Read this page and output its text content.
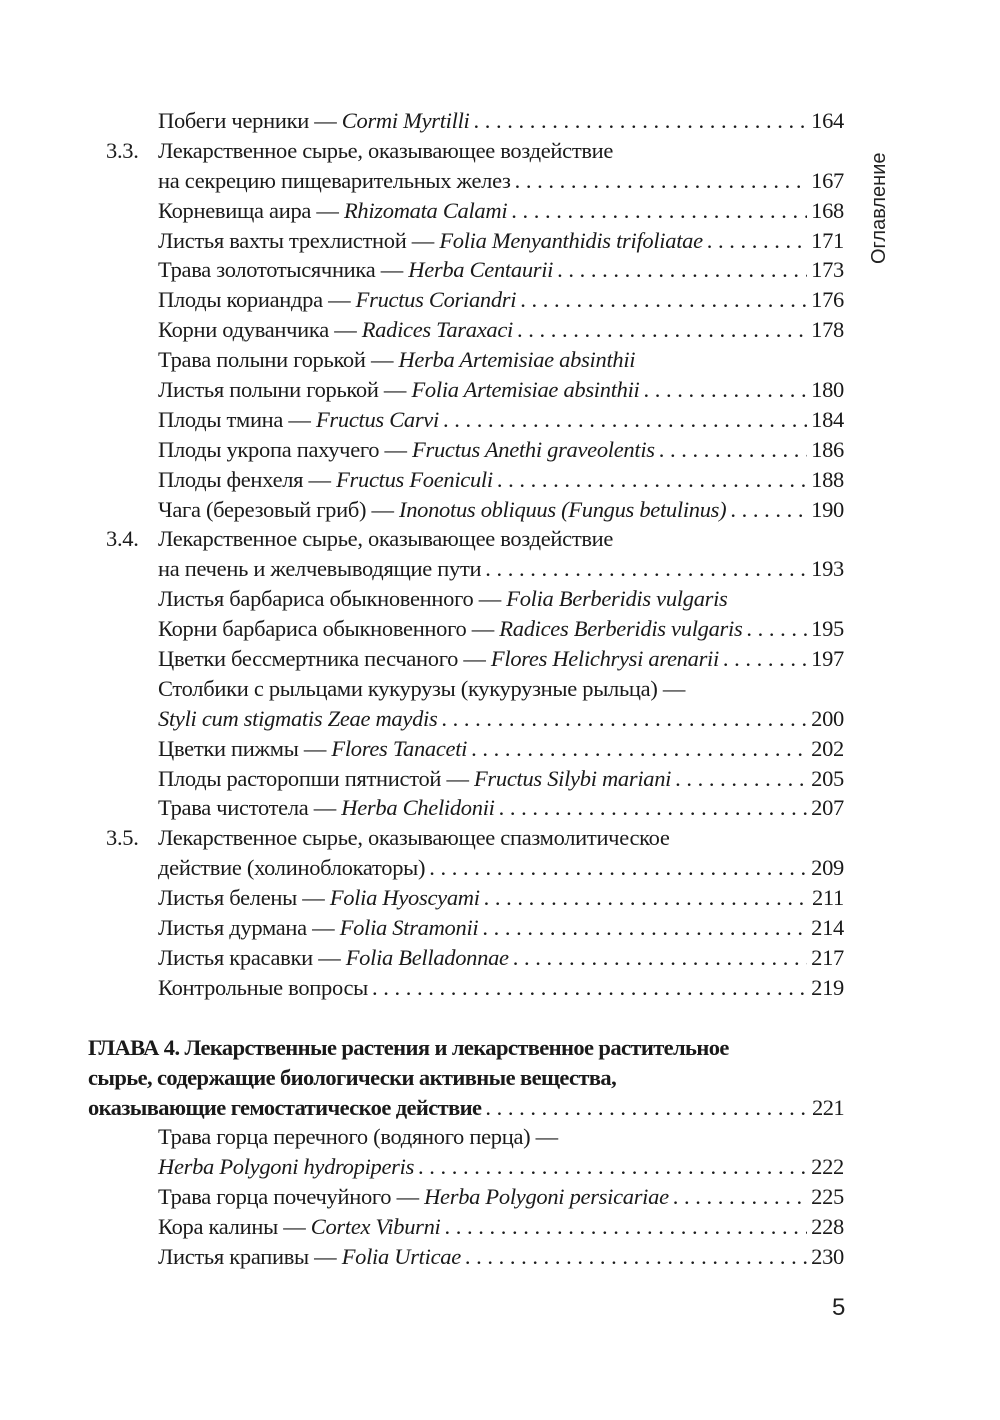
Оглавление
Побеги черники — Cormi Myrtilli . . .	164
3.3. Лекарственное сырье, оказывающее воздействие
на секрецию пищеварительных желез . . .	167
Корневища аира — Rhizomata Calami . . .	168
Листья вахты трехлистной — Folia Menyanthidis trifoliatae . . .	171
Трава золототысячника — Herba Centaurii . . .	173
Плоды кориандра — Fructus Coriandri . . .	176
Корни одуванчика — Radices Taraxaci . . .	178
Трава полыни горькой — Herba Artemisiae absinthii
Листья полыни горькой — Folia Artemisiae absinthii . . .	180
Плоды тмина — Fructus Carvi . . .	184
Плоды укропа пахучего — Fructus Anethi graveolentis . . .	186
Плоды фенхеля — Fructus Foeniculi . . .	188
Чага (березовый гриб) — Inonotus obliquus (Fungus betulinus) . . .	190
3.4. Лекарственное сырье, оказывающее воздействие
на печень и желчевыводящие пути . . .	193
Листья барбариса обыкновенного — Folia Berberidis vulgaris
Корни барбариса обыкновенного — Radices Berberidis vulgaris . . .	195
Цветки бессмертника песчаного — Flores Helichrysi arenarii . . .	197
Столбики с рыльцами кукурузы (кукурузные рыльца) —
Styli cum stigmatis Zeae maydis . . .	200
Цветки пижмы — Flores Tanaceti . . .	202
Плоды расторопши пятнистой — Fructus Silybi mariani . . .	205
Трава чистотела — Herba Chelidonii . . .	207
3.5. Лекарственное сырье, оказывающее спазмолитическое
действие (холиноблокаторы) . . .	209
Листья белены — Folia Hyoscyami . . .	211
Листья дурмана — Folia Stramonii . . .	214
Листья красавки — Folia Belladonnae . . .	217
Контрольные вопросы . . .	219
ГЛАВА 4. Лекарственные растения и лекарственное растительное
сырье, содержащие биологически активные вещества,
оказывающие гемостатическое действие . . .	221
Трава горца перечного (водяного перца) —
Herba Polygoni hydropiperis . . .	222
Трава горца почечуйного — Herba Polygoni persicariae . . .	225
Кора калины — Cortex Viburni . . .	228
Листья крапивы — Folia Urticae . . .	230
5
